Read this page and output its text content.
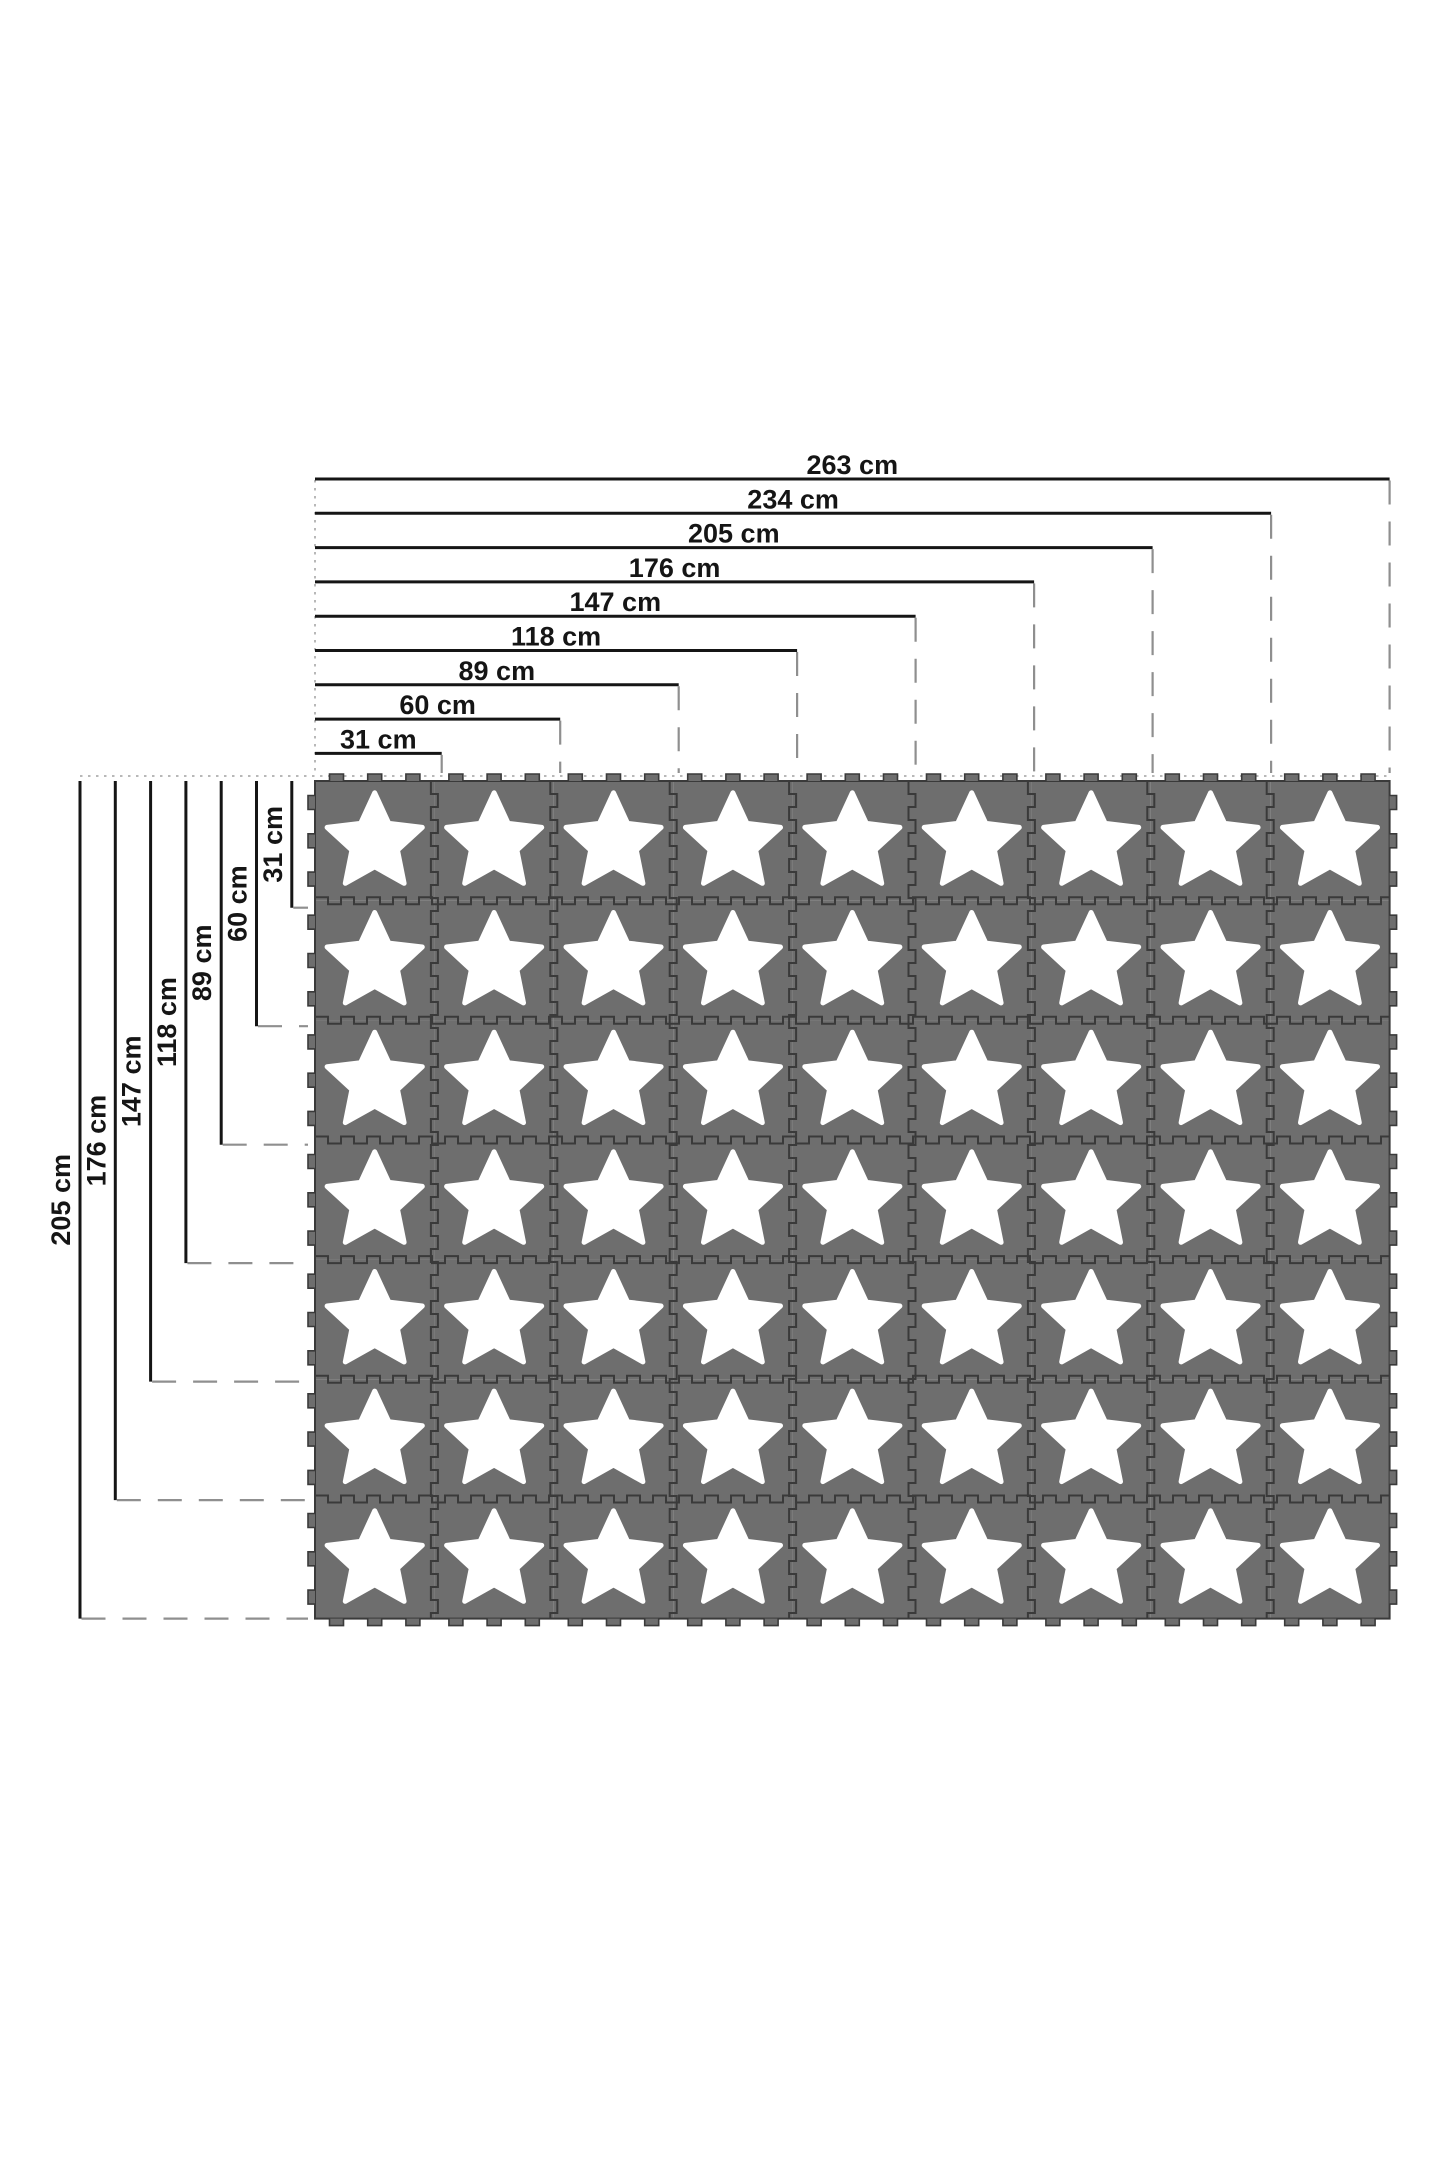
263 cm
234 cm
205 cm
176 cm
147 cm
118 cm
89 cm
60 cm
31 cm
205 cm
176 cm
147 cm
118 cm
89 cm
60 cm
31 cm
